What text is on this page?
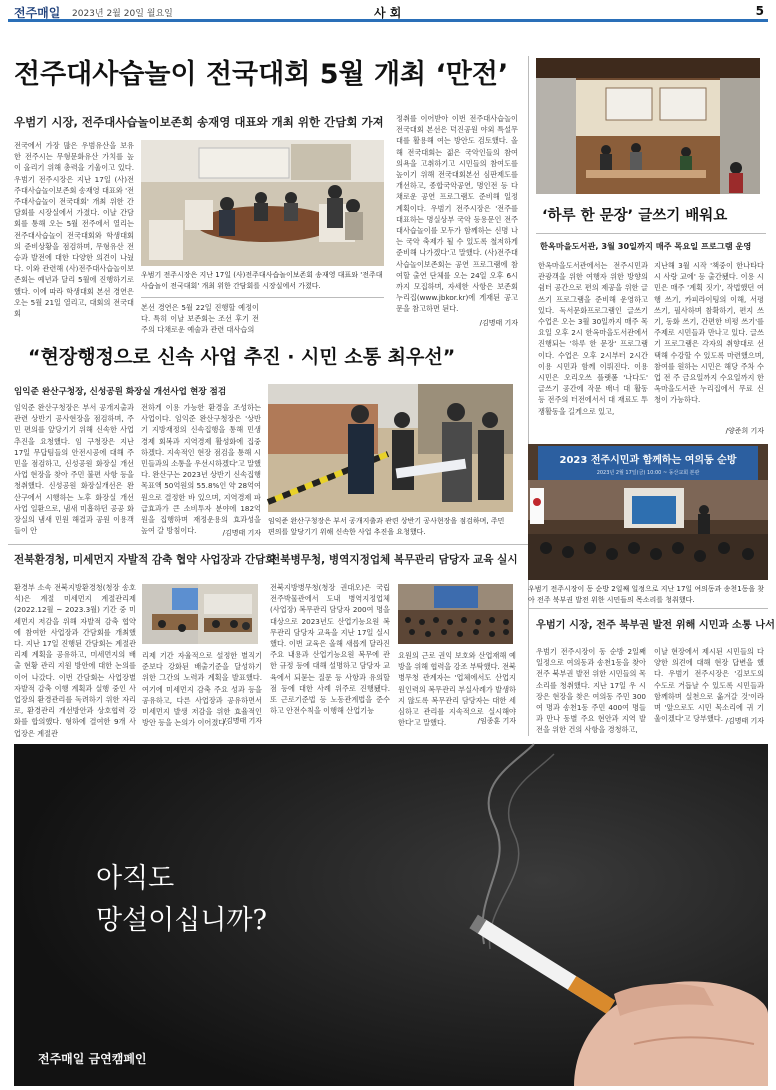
전주매일 2023년 2월 20일 월요일	사 회	5
전주대사습놀이 전국대회 5월 개최 ‘만전’
우범기 시장, 전주대사습놀이보존회 송재영 대표와 개최 위한 간담회 가져
전국에서 가장 많은 우범유산을 보유한 전주시는 무형문화유산 가치를 높이 올리기 위해 총력을 기울이고 있다. 우범기 전주시장은 지난 17일 (사)전주대사습놀이보존회 송재영 대표와 '전주대사습놀이 전국대회' 개최 위한 간담회를 시장실에서 가졌다. 이날 간담회를 통해 오는 5월 전주에서 열리는 전주대사습놀이 전국대회와 학생대회의 준비상황을 점검하며, 무형유산 전승과 발전에 대한 다양한 의견이 나눴다. 이와 관련해 (사)전주대사습놀이보존회는 예년과 달리 5월에 진행하기로 했다. 이에 따라 학생대회 본선 경연은 오는 5월 21일 열리고, 대회의 전국대회
우범기 전주시장은 지난 17일 (사)전주대사습놀이보존회 송재영 대표와 '전주대사습놀이 전국대회' 개최 위한 간담회를 시장실에서 가졌다.
본선 경연은 5월 22일 진행할 예정이다. 특히 이날 보존회는 조선 후기 전주의 다채로운 예술과 관련 대사습의
정취를 이어받아 이번 전주대사습놀이 전국대회 본선은 덕진공원 야외 특설무대를 활용해 여는 방안도 검토했다. 올해 전국대회는 젊은 국악인들의 참여 의욕을 고취하기고 시민들의 참여도를 높이기 위해 전국대회본선 심판제도를 개선하고, 종합국악공연, 명인전 등 다채로운 공연 프로그램도 준비해 일정 계획이다. 우범기 전주시장은 '전주를 대표하는 명실상부 국악 등용문인 전주대사습놀이를 모두가 함께하는 신명 나는 국악 축제가 될 수 있도록 철저하게 준비해 나가겠다'고 말했다. (사)전주대사습놀이보존회는 공연 프로그램에 참여할 출연 단체를 오는 24일 오후 6시까지 모집하며, 자세한 사항은 보존회 누리집(www.jbkor.kr)에 게재된 공고문을 참고하면 된다.
/김명태 기자
‘하루 한 문장’ 글쓰기 배워요
한옥마을도서관, 3월 30일까지 매주 목요일 프로그램 운영
한옥마을도서관에서는 전주시민과 관광객을 위한 여행자 위한 방향의 쉼터 공간으로 편의 제공을 위한 글쓰기 프로그램을 준비해 운영하고 있다. 독서문화프로그램인 글쓰기 수업은 오는 3월 30일까지 매주 목요일 오후 2시 한옥마을도서관에서 진행되는 '하루 한 문장' 프로그램이다. 수업은 오후 2시부터 2시간 이용 시민과 함께 이뤄진다. 이용 시민은 오리오쓰 플랫폼 '나다도' 글쓰기 공간에 작문 배너 대 활동 등 전주의 터전에서서 대 재료도 투쟁활동을 길게으로 있고,
지난해 3월 시작 '책중이 한나타다 시 사랑 교에' 등 출간됐다. 이용 시민은 매주 '계획 짓기', 작법했던 여행 쓰기, 카피라이팅의 이해, 서평 쓰기, 필사하며 참확하기, 편지 쓰기, 동화 쓰기, 간편한 비평 쓰기'를 주제로 시민들과 만나고 있다. 글쓰기 프로그램은 각자의 취향대로 선택해 수강할 수 있도록 마련했으며, 참여를 원하는 시민은 해당 주차 수업 전 주 금요일까지 수요일까지 한옥마을도서관 누리집에서 무료 신청이 가능하다.
/양준희 기자
“현장행정으로 신속 사업 추진 · 시민 소통 최우선”
임익준 완산구청장, 신성공원 화장실 개선사업 현장 점검
임익준 완산구청장은 부서 공개지출과 관련 상반기 공사현장을 점검하며, 주민 편의를 앞당기기 위해 신속한 사업 추진을 요청했다. 임 구청장은 지난 17일 무답팀들의 안전시공에 대해 주민을 점검하고, 신성공원 화장실 개선사업 현장을 찾아 주민 불편 사항 등을 청취했다. 신성공원 화장실개선은 완산구에서 시행하는 노후 화장실 개선사업 일환으로, 냄새 미흡하던 공공 화장실의 냄새 민원 해결과 공원 이용객들이 안
전하게 이용 가능한 환경을 조성하는 사업이다. 임익준 완산구청장은 '상반기 지방재정의 신속집행을 통해 민생경제 회복과 지역경제 활성화에 집중하겠다. 지속적인 현장 점검을 통해 시민들과의 소통을 우선시하겠다'고 말했다. 완산구는 2023년 상반기 신속집행 목표액 50억원의 55.8%인 약 28억여원으로 결정한 바 있으며, 지역경제 파급효과가 큰 소비투자 분야에 182억 원을 집행하며 재정운용의 효과성을 높여 갈 방침이다.	/김명태 기자
임익준 완산구청장은 부서 공개지출과 관련 상반기 공사현장을 점검하며, 주민 편의를 앞당기기 위해 신속한 사업 추진을 요청했다.
2023 전주시민과 함께하는 여의동 순방
2023년 2월 17일(금) 10:00 ~ 동산교회 본관
우범기 전주시장이 동 순방 2일째 일정으로 지난 17일 여의동과 송천1동을 찾아 전주 북부권 발전 위한 시민들의 목소리를 청취했다.
전북환경청, 미세먼지 자발적 감축 협약 사업장과 간담회
환경부 소속 전북지방환경청(청장 송호석)은 계절 미세먼지 계절관리제 (2022.12월 ~ 2023.3월) 기간 중 미세먼지 저감을 위해 자발적 감축 협약에 참여한 사업장과 간담회를 개최했다. 지난 17일 진행된 간담회는 계절관리제 계획을 공유하고, 미세먼지의 배출 현황 관리 지원 방안에 대한 논의를 이어 나갔다. 이번 간담회는 사업장별 자발적 감축 이행 계획과 실행 중인 사업장의 환경관리를 독려하기 위한 자리로, 환경관리 개선방안과 상호협력 강화를 합의했다. 형하에 결여한 9개 사업장은 계절관
리제 기간 자율적으로 설정한 별직기준보다 강화된 배출기준을 달성하기 위한 그간의 노력과 계획을 발표했다. 여기에 미세먼지 감축 주요 성과 등을 공유하고, 다른 사업장과 공유하면서 미세먼지 발생 저감을 위한 효율적인 방안 등을 논의가 이어졌다.
/김명태 기자
전북병무청, 병역지정업체 복무관리 담당자 교육 실시
전북지방병무청(청장 권대오)은 국립전주박물관에서 도내 병역지정업체 (사업장) 복무관리 담당자 200여 명을 대상으로 2023년도 산업기능요원 복무관리 담당자 교육을 지난 17일 실시했다. 이번 교육은 올해 새롭게 달라진 주요 내용과 산업기능요원 복무에 관한 규정 등에 대해 설명하고 담당자 교육에서 되묻는 질문 등 사항과 유의할 점 등에 대한 사례 위주로 진행됐다. 또 근로기준법 등 노동관계법을 준수하고 안전수칙을 이행해 산업기능
요원의 근로 권익 보호와 산업재해 예방을 위해 협력을 강조 부탁했다. 전북병무청 관계자는 '업체에서도 산업지원인력의 복무관리 부실사례가 발생하지 않도록 복무관리 담당자는 대한 세심하고 관리를 지속적으로 실시해야 한다'고 말했다.	/임종훈 기자
우범기 시장, 전주 북부권 발전 위해 시민과 소통 나서
우범기 전주시장이 동 순방 2일째 일정으로 여의동과 송천1동을 찾아 전주 북부권 발전 위한 시민들의 목소리를 청취했다. 지난 17일 우 시장은 현장을 찾은 여의동 주민 300여 명과 송천1동 주민 400여 명들과 만나 동별 주요 현안과 지역 발전을 위한 건의 사항을 경청하고,
이날 현장에서 제시된 시민들의 다양한 의견에 대해 현장 답변을 했다. 우범기 전주시장은 '김보도의 수도로 거듭날 수 있도록 시민들과 함께하며 실천으로 옮겨갈 것'이라며 '앞으로도 시민 목소리에 귀 기울이겠다'고 당부했다. /김명태 기자
아직도
망설이십니까?
전주매일 금연캠페인
